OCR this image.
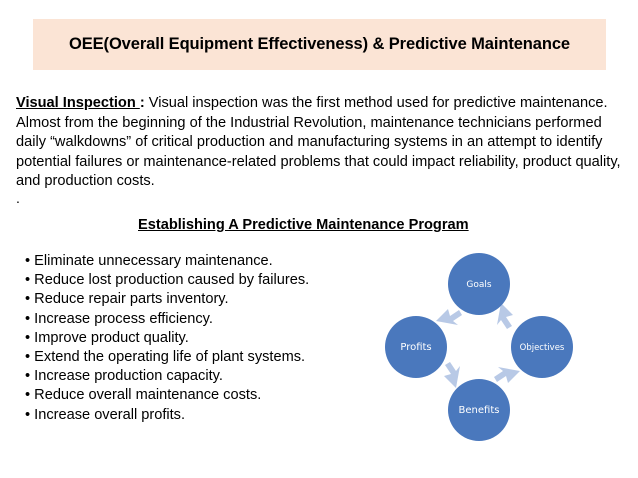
OEE(Overall Equipment Effectiveness) & Predictive Maintenance
Visual Inspection : Visual inspection was the first method used for predictive maintenance. Almost from the beginning of the Industrial Revolution, maintenance technicians performed daily “walkdowns” of critical production and manufacturing systems in an attempt to identify potential failures or maintenance-related problems that could impact reliability, product quality, and production costs.
.
Establishing A Predictive Maintenance Program
• Eliminate unnecessary maintenance.
• Reduce lost production caused by failures.
• Reduce repair parts inventory.
• Increase process efficiency.
• Improve product quality.
• Extend the operating life of plant systems.
• Increase production capacity.
• Reduce overall maintenance costs.
• Increase overall profits.
Goals
Objectives
Benefits
Profits
